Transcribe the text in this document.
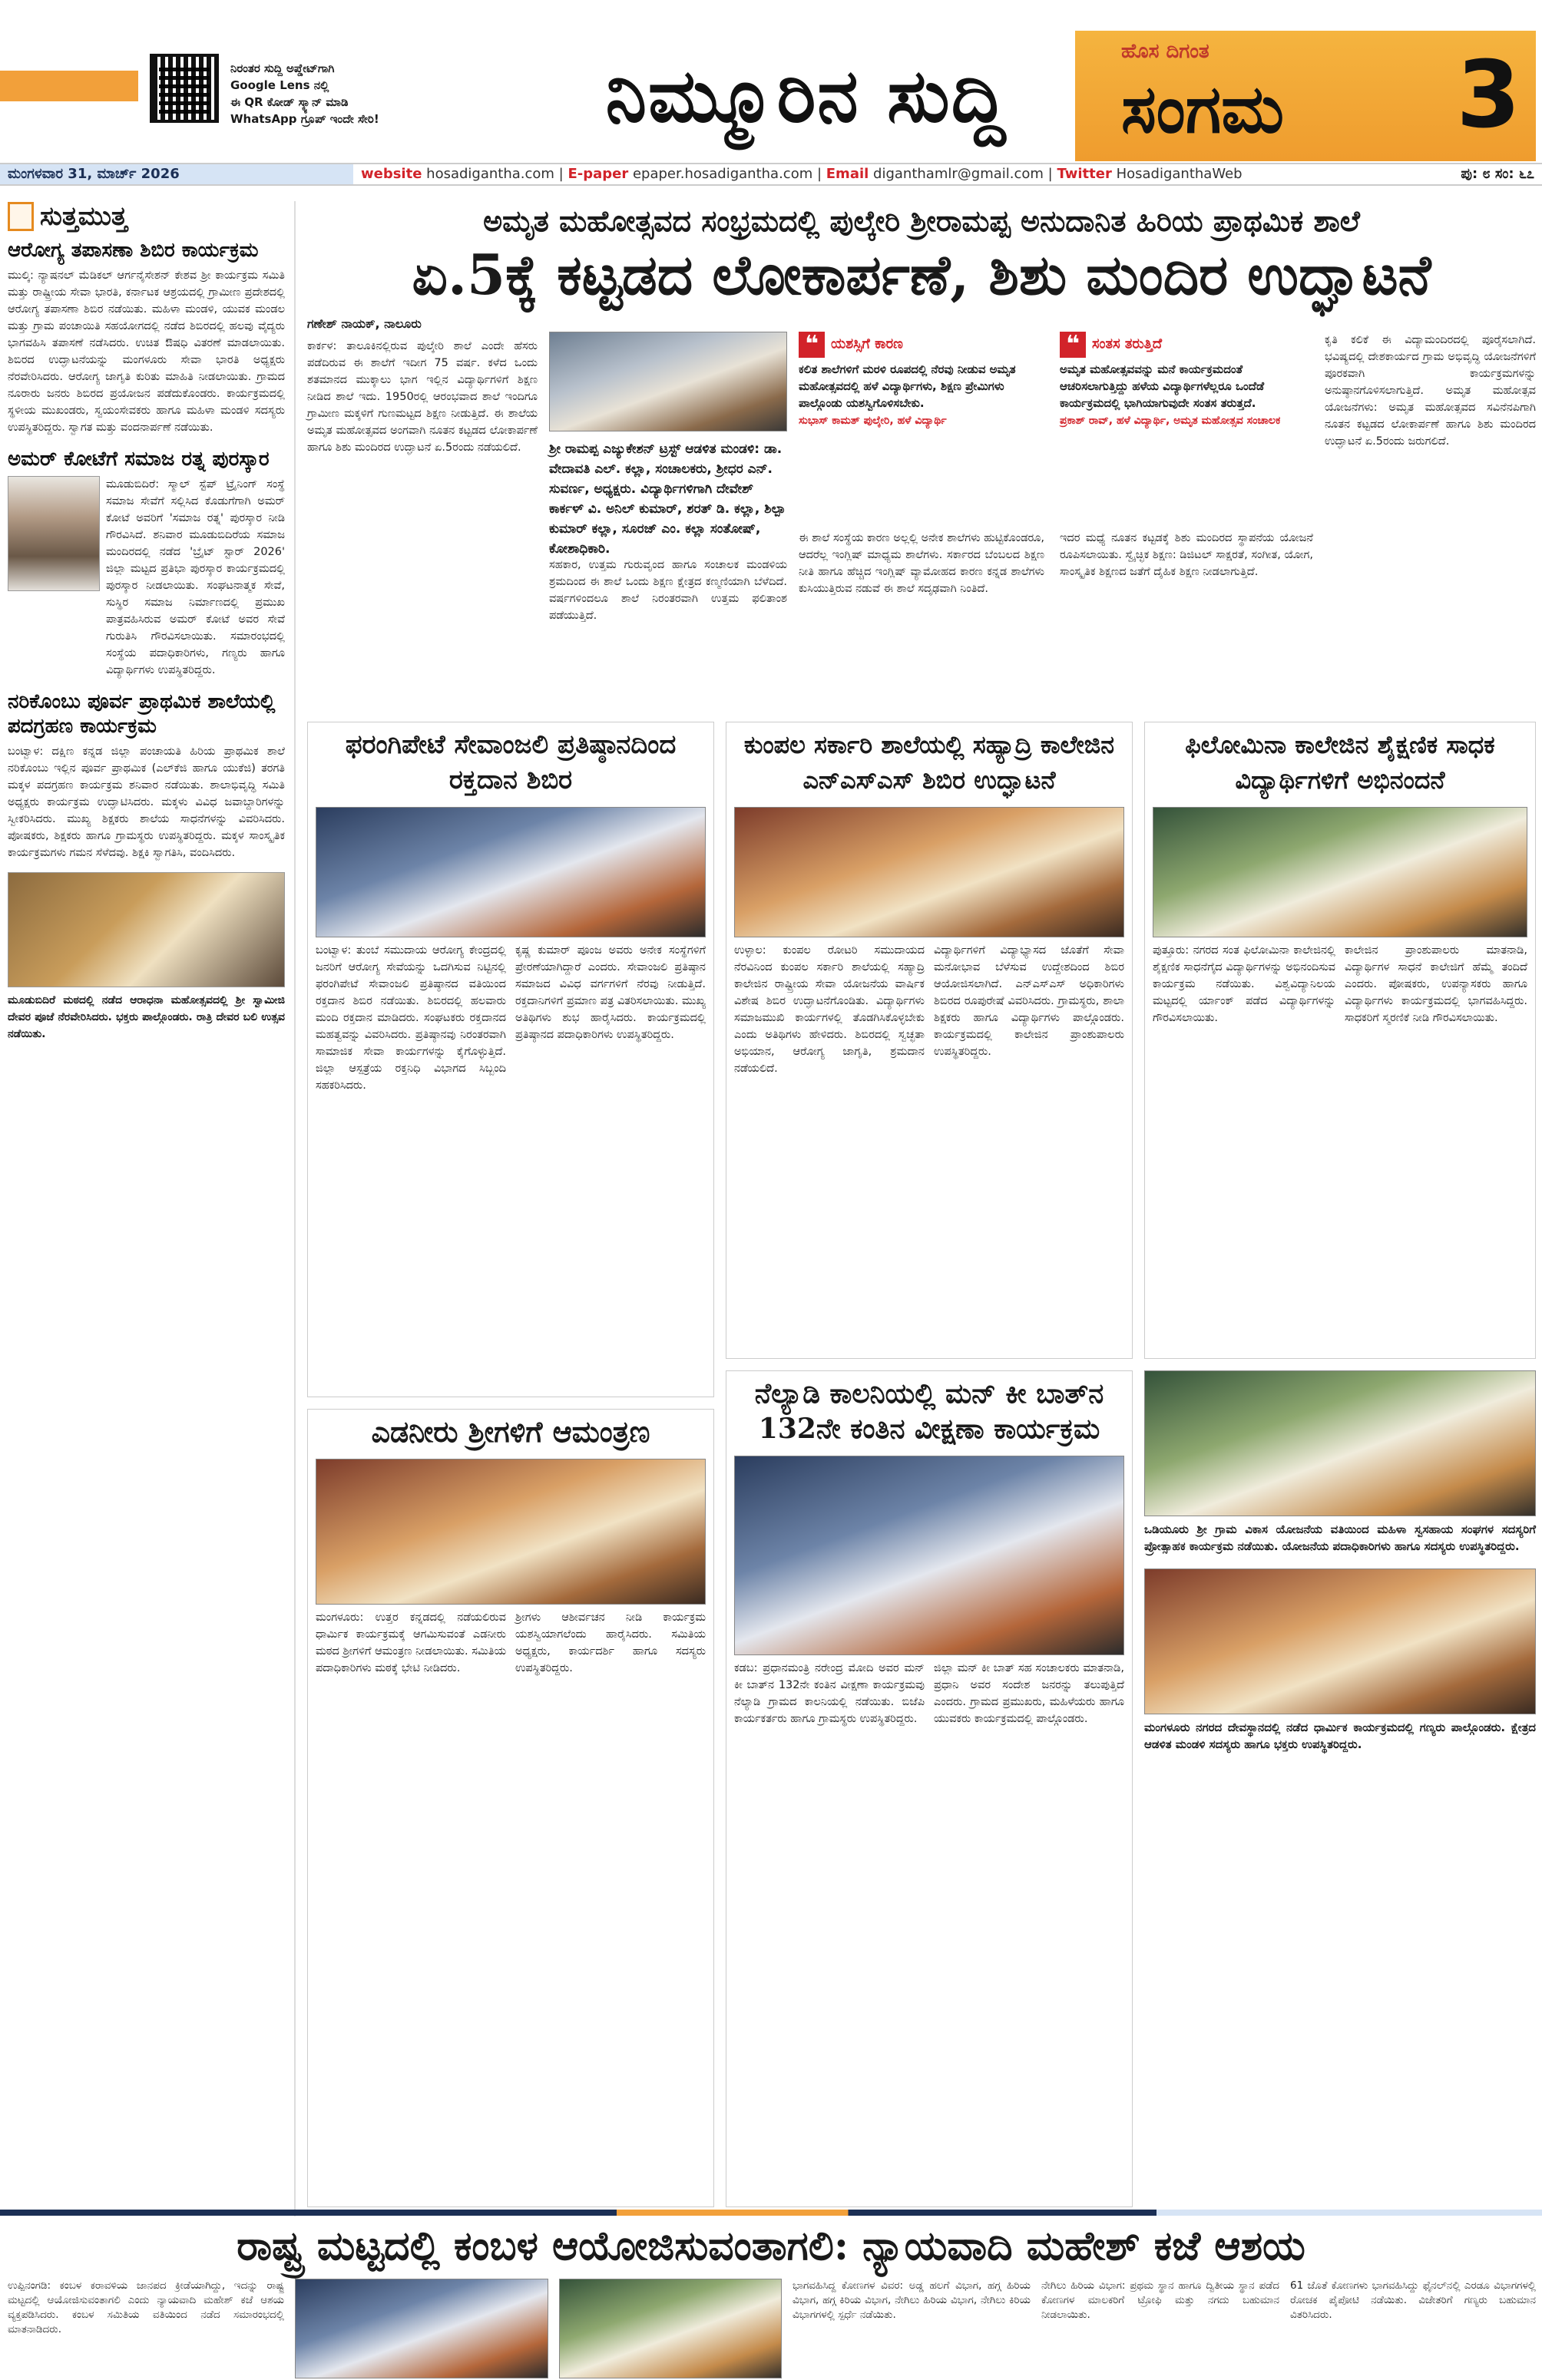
ನಿರಂತರ ಸುದ್ದಿ ಅಪ್ಡೇಟ್‌ಗಾಗಿ
Google Lens ನಲ್ಲಿ
ಈ QR ಕೋಡ್ ಸ್ಕ್ಯಾನ್ ಮಾಡಿ
WhatsApp ಗ್ರೂಪ್ ಇಂದೇ ಸೇರಿ!	ನಿಮ್ಮೂರಿನ ಸುದ್ದಿ
ಹೊಸ ದಿಗಂತ
ಸಂಗಮ 3
ಮಂಗಳವಾರ 31, ಮಾರ್ಚ್ 2026	website hosadigantha.com | E-paper epaper.hosadigantha.com | Email diganthamlr@gmail.com | Twitter HosadiganthaWeb	ಪು: ೮ ಸಂ: ೬೭
ಸುತ್ತಮುತ್ತ
ಆರೋಗ್ಯ ತಪಾಸಣಾ ಶಿಬಿರ ಕಾರ್ಯಕ್ರಮ
ಮುಲ್ಕಿ: ನ್ಯಾಷನಲ್ ಮೆಡಿಕಲ್ ಆರ್ಗನೈಸೇಶನ್ ಕೇಶವ ಶ್ರೀ ಕಾರ್ಯಕ್ರಮ ಸಮಿತಿ ಮತ್ತು ರಾಷ್ಟ್ರೀಯ ಸೇವಾ ಭಾರತಿ, ಕರ್ನಾಟಕ ಆಶ್ರಯದಲ್ಲಿ ಗ್ರಾಮೀಣ ಪ್ರದೇಶದಲ್ಲಿ ಆರೋಗ್ಯ ತಪಾಸಣಾ ಶಿಬಿರ ನಡೆಯಿತು. ಮಹಿಳಾ ಮಂಡಳಿ, ಯುವಕ ಮಂಡಲ ಮತ್ತು ಗ್ರಾಮ ಪಂಚಾಯಿತಿ ಸಹಯೋಗದಲ್ಲಿ ನಡೆದ ಶಿಬಿರದಲ್ಲಿ ಹಲವು ವೈದ್ಯರು ಭಾಗವಹಿಸಿ ತಪಾಸಣೆ ನಡೆಸಿದರು. ಉಚಿತ ಔಷಧಿ ವಿತರಣೆ ಮಾಡಲಾಯಿತು. ಶಿಬಿರದ ಉದ್ಘಾಟನೆಯನ್ನು ಮಂಗಳೂರು ಸೇವಾ ಭಾರತಿ ಅಧ್ಯಕ್ಷರು ನೆರವೇರಿಸಿದರು. ಆರೋಗ್ಯ ಜಾಗೃತಿ ಕುರಿತು ಮಾಹಿತಿ ನೀಡಲಾಯಿತು. ಗ್ರಾಮದ ನೂರಾರು ಜನರು ಶಿಬಿರದ ಪ್ರಯೋಜನ ಪಡೆದುಕೊಂಡರು. ಕಾರ್ಯಕ್ರಮದಲ್ಲಿ ಸ್ಥಳೀಯ ಮುಖಂಡರು, ಸ್ವಯಂಸೇವಕರು ಹಾಗೂ ಮಹಿಳಾ ಮಂಡಳಿ ಸದಸ್ಯರು ಉಪಸ್ಥಿತರಿದ್ದರು. ಸ್ವಾಗತ ಮತ್ತು ವಂದನಾರ್ಪಣೆ ನಡೆಯಿತು.
ಅಮರ್ ಕೋಟೆಗೆ ಸಮಾಜ ರತ್ನ ಪುರಸ್ಕಾರ
ಮೂಡುಬಿದಿರೆ: ಸ್ಮಾಲ್ ಸ್ಟೆಪ್ ಟ್ರೈನಿಂಗ್ ಸಂಸ್ಥೆ ಸಮಾಜ ಸೇವೆಗೆ ಸಲ್ಲಿಸಿದ ಕೊಡುಗೆಗಾಗಿ ಅಮರ್ ಕೋಟೆ ಅವರಿಗೆ 'ಸಮಾಜ ರತ್ನ' ಪುರಸ್ಕಾರ ನೀಡಿ ಗೌರವಿಸಿದೆ. ಶನಿವಾರ ಮೂಡುಬಿದಿರೆಯ ಸಮಾಜ ಮಂದಿರದಲ್ಲಿ ನಡೆದ 'ಬ್ರೈಟ್ ಸ್ಟಾರ್ 2026' ಜಿಲ್ಲಾ ಮಟ್ಟದ ಪ್ರತಿಭಾ ಪುರಸ್ಕಾರ ಕಾರ್ಯಕ್ರಮದಲ್ಲಿ ಪುರಸ್ಕಾರ ನೀಡಲಾಯಿತು. ಸಂಘಟನಾತ್ಮಕ ಸೇವೆ, ಸುಸ್ಥಿರ ಸಮಾಜ ನಿರ್ಮಾಣದಲ್ಲಿ ಪ್ರಮುಖ ಪಾತ್ರವಹಿಸಿರುವ ಅಮರ್ ಕೋಟೆ ಅವರ ಸೇವೆ ಗುರುತಿಸಿ ಗೌರವಿಸಲಾಯಿತು. ಸಮಾರಂಭದಲ್ಲಿ ಸಂಸ್ಥೆಯ ಪದಾಧಿಕಾರಿಗಳು, ಗಣ್ಯರು ಹಾಗೂ ವಿದ್ಯಾರ್ಥಿಗಳು ಉಪಸ್ಥಿತರಿದ್ದರು.
ನರಿಕೊಂಬು ಪೂರ್ವ ಪ್ರಾಥಮಿಕ ಶಾಲೆಯಲ್ಲಿ ಪದಗ್ರಹಣ ಕಾರ್ಯಕ್ರಮ
ಬಂಟ್ವಾಳ: ದಕ್ಷಿಣ ಕನ್ನಡ ಜಿಲ್ಲಾ ಪಂಚಾಯತಿ ಹಿರಿಯ ಪ್ರಾಥಮಿಕ ಶಾಲೆ ನರಿಕೊಂಬು ಇಲ್ಲಿನ ಪೂರ್ವ ಪ್ರಾಥಮಿಕ (ಎಲ್‌ಕೆಜಿ ಹಾಗೂ ಯುಕೆಜಿ) ತರಗತಿ ಮಕ್ಕಳ ಪದಗ್ರಹಣ ಕಾರ್ಯಕ್ರಮ ಶನಿವಾರ ನಡೆಯಿತು. ಶಾಲಾಭಿವೃದ್ಧಿ ಸಮಿತಿ ಅಧ್ಯಕ್ಷರು ಕಾರ್ಯಕ್ರಮ ಉದ್ಘಾಟಿಸಿದರು. ಮಕ್ಕಳು ವಿವಿಧ ಜವಾಬ್ದಾರಿಗಳನ್ನು ಸ್ವೀಕರಿಸಿದರು. ಮುಖ್ಯ ಶಿಕ್ಷಕರು ಶಾಲೆಯ ಸಾಧನೆಗಳನ್ನು ವಿವರಿಸಿದರು. ಪೋಷಕರು, ಶಿಕ್ಷಕರು ಹಾಗೂ ಗ್ರಾಮಸ್ಥರು ಉಪಸ್ಥಿತರಿದ್ದರು. ಮಕ್ಕಳ ಸಾಂಸ್ಕೃತಿಕ ಕಾರ್ಯಕ್ರಮಗಳು ಗಮನ ಸೆಳೆದವು. ಶಿಕ್ಷಕಿ ಸ್ವಾಗತಿಸಿ, ವಂದಿಸಿದರು.
ಮೂಡುಬಿದಿರೆ ಮಠದಲ್ಲಿ ನಡೆದ ಆರಾಧನಾ ಮಹೋತ್ಸವದಲ್ಲಿ ಶ್ರೀ ಸ್ವಾಮೀಜಿ ದೇವರ ಪೂಜೆ ನೆರವೇರಿಸಿದರು. ಭಕ್ತರು ಪಾಲ್ಗೊಂಡರು. ರಾತ್ರಿ ದೇವರ ಬಲಿ ಉತ್ಸವ ನಡೆಯಿತು.
ಅಮೃತ ಮಹೋತ್ಸವದ ಸಂಭ್ರಮದಲ್ಲಿ ಪುಲ್ಕೇರಿ ಶ್ರೀರಾಮಪ್ಪ ಅನುದಾನಿತ ಹಿರಿಯ ಪ್ರಾಥಮಿಕ ಶಾಲೆ
ಏ.5ಕ್ಕೆ ಕಟ್ಟಡದ ಲೋಕಾರ್ಪಣೆ, ಶಿಶು ಮಂದಿರ ಉದ್ಘಾಟನೆ
ಗಣೇಶ್ ನಾಯಕ್, ನಾಲೂರು
ಕಾರ್ಕಳ: ತಾಲೂಕಿನಲ್ಲಿರುವ ಪುಲ್ಕೇರಿ ಶಾಲೆ ಎಂದೇ ಹೆಸರು ಪಡೆದಿರುವ ಈ ಶಾಲೆಗೆ ಇದೀಗ 75 ವರ್ಷ. ಕಳೆದ ಒಂದು ಶತಮಾನದ ಮುಕ್ಕಾಲು ಭಾಗ ಇಲ್ಲಿನ ವಿದ್ಯಾರ್ಥಿಗಳಿಗೆ ಶಿಕ್ಷಣ ನೀಡಿದ ಶಾಲೆ ಇದು. 1950ರಲ್ಲಿ ಆರಂಭವಾದ ಶಾಲೆ ಇಂದಿಗೂ ಗ್ರಾಮೀಣ ಮಕ್ಕಳಿಗೆ ಗುಣಮಟ್ಟದ ಶಿಕ್ಷಣ ನೀಡುತ್ತಿದೆ. ಈ ಶಾಲೆಯ ಅಮೃತ ಮಹೋತ್ಸವದ ಅಂಗವಾಗಿ ನೂತನ ಕಟ್ಟಡದ ಲೋಕಾರ್ಪಣೆ ಹಾಗೂ ಶಿಶು ಮಂದಿರದ ಉದ್ಘಾಟನೆ ಏ.5ರಂದು ನಡೆಯಲಿದೆ.	ಶ್ರೀ ರಾಮಪ್ಪ ಎಜ್ಯುಕೇಶನ್ ಟ್ರಸ್ಟ್ ಆಡಳಿತ ಮಂಡಳಿ: ಡಾ. ವೇದಾವತಿ ಎಲ್. ಕಲ್ಲಾ, ಸಂಚಾಲಕರು, ಶ್ರೀಧರ ಎನ್. ಸುವರ್ಣ, ಅಧ್ಯಕ್ಷರು. ವಿದ್ಯಾರ್ಥಿಗಳಿಗಾಗಿ ದೇವೇಶ್ ಕಾರ್ಕಳ್ ವಿ. ಅನಿಲ್ ಕುಮಾರ್, ಶರತ್ ಡಿ. ಕಲ್ಲಾ, ಶಿಲ್ಪಾ ಕುಮಾರ್ ಕಲ್ಲಾ, ಸೂರಜ್ ಎಂ. ಕಲ್ಲಾ ಸಂತೋಷ್, ಕೋಶಾಧಿಕಾರಿ.
ಸಹಕಾರ, ಉತ್ತಮ ಗುರುವೃಂದ ಹಾಗೂ ಸಂಚಾಲಕ ಮಂಡಳಿಯ ಶ್ರಮದಿಂದ ಈ ಶಾಲೆ ಒಂದು ಶಿಕ್ಷಣ ಕ್ಷೇತ್ರದ ಕಣ್ಮಣಿಯಾಗಿ ಬೆಳೆದಿದೆ. ವರ್ಷಗಳಿಂದಲೂ ಶಾಲೆ ನಿರಂತರವಾಗಿ ಉತ್ತಮ ಫಲಿತಾಂಶ ಪಡೆಯುತ್ತಿದೆ.
❝ ಯಶಸ್ಸಿಗೆ ಕಾರಣ
ಕಲಿತ ಶಾಲೆಗಳಿಗೆ ಮರಳಿ ರೂಪದಲ್ಲಿ ನೆರವು ನೀಡುವ ಅಮೃತ ಮಹೋತ್ಸವದಲ್ಲಿ ಹಳೆ ವಿದ್ಯಾರ್ಥಿಗಳು, ಶಿಕ್ಷಣ ಪ್ರೇಮಿಗಳು ಪಾಲ್ಗೊಂಡು ಯಶಸ್ವಿಗೊಳಿಸಬೇಕು.
ಸುಭಾಸ್ ಕಾಮತ್ ಪುಲ್ಕೇರಿ, ಹಳೆ ವಿದ್ಯಾರ್ಥಿ
❝ ಸಂತಸ ತರುತ್ತಿದೆ
ಅಮೃತ ಮಹೋತ್ಸವವನ್ನು ಮನೆ ಕಾರ್ಯಕ್ರಮದಂತೆ ಆಚರಿಸಲಾಗುತ್ತಿದ್ದು ಹಳೆಯ ವಿದ್ಯಾರ್ಥಿಗಳೆಲ್ಲರೂ ಒಂದೆಡೆ ಕಾರ್ಯಕ್ರಮದಲ್ಲಿ ಭಾಗಿಯಾಗುವುದೇ ಸಂತಸ ತರುತ್ತದೆ.
ಪ್ರಕಾಶ್ ರಾವ್, ಹಳೆ ವಿದ್ಯಾರ್ಥಿ, ಅಮೃತ ಮಹೋತ್ಸವ ಸಂಚಾಲಕ
ಈ ಶಾಲೆ ಸಂಸ್ಥೆಯ ಕಾರಣ ಅಲ್ಲಲ್ಲಿ ಅನೇಕ ಶಾಲೆಗಳು ಹುಟ್ಟಿಕೊಂಡರೂ, ಆದರೆಲ್ಲ ಇಂಗ್ಲಿಷ್ ಮಾಧ್ಯಮ ಶಾಲೆಗಳು. ಸರ್ಕಾರದ ಬೆಂಬಲದ ಶಿಕ್ಷಣ ನೀತಿ ಹಾಗೂ ಹೆಚ್ಚಿದ ಇಂಗ್ಲಿಷ್ ವ್ಯಾಮೋಹದ ಕಾರಣ ಕನ್ನಡ ಶಾಲೆಗಳು ಕುಸಿಯುತ್ತಿರುವ ನಡುವೆ ಈ ಶಾಲೆ ಸದೃಢವಾಗಿ ನಿಂತಿದೆ.
ಇದರ ಮಧ್ಯೆ ನೂತನ ಕಟ್ಟಡಕ್ಕೆ ಶಿಶು ಮಂದಿರದ ಸ್ಥಾಪನೆಯ ಯೋಜನೆ ರೂಪಿಸಲಾಯಿತು. ಸ್ವೈಚ್ಛಿಕ ಶಿಕ್ಷಣ: ಡಿಜಿಟಲ್ ಸಾಕ್ಷರತೆ, ಸಂಗೀತ, ಯೋಗ, ಸಾಂಸ್ಕೃತಿಕ ಶಿಕ್ಷಣದ ಜತೆಗೆ ದೈಹಿಕ ಶಿಕ್ಷಣ ನೀಡಲಾಗುತ್ತಿದೆ.
ಕೃತಿ ಕಲಿಕೆ ಈ ವಿದ್ಯಾಮಂದಿರದಲ್ಲಿ ಪೂರೈಸಲಾಗಿದೆ. ಭವಿಷ್ಯದಲ್ಲಿ ದೇಶಕಾರ್ಯದ ಗ್ರಾಮ ಅಭಿವೃದ್ಧಿ ಯೋಜನೆಗಳಿಗೆ ಪೂರಕವಾಗಿ ಕಾರ್ಯಕ್ರಮಗಳನ್ನು ಅನುಷ್ಠಾನಗೊಳಿಸಲಾಗುತ್ತಿದೆ. ಅಮೃತ ಮಹೋತ್ಸವ ಯೋಜನೆಗಳು: ಅಮೃತ ಮಹೋತ್ಸವದ ಸವಿನೆನಪಿಗಾಗಿ ನೂತನ ಕಟ್ಟಡದ ಲೋಕಾರ್ಪಣೆ ಹಾಗೂ ಶಿಶು ಮಂದಿರದ ಉದ್ಘಾಟನೆ ಏ.5ರಂದು ಜರುಗಲಿದೆ.
ಫರಂಗಿಪೇಟೆ ಸೇವಾಂಜಲಿ ಪ್ರತಿಷ್ಠಾನದಿಂದ ರಕ್ತದಾನ ಶಿಬಿರ
ಬಂಟ್ವಾಳ: ತುಂಬೆ ಸಮುದಾಯ ಆರೋಗ್ಯ ಕೇಂದ್ರದಲ್ಲಿ ಜನರಿಗೆ ಆರೋಗ್ಯ ಸೇವೆಯನ್ನು ಒದಗಿಸುವ ನಿಟ್ಟಿನಲ್ಲಿ ಫರಂಗಿಪೇಟೆ ಸೇವಾಂಜಲಿ ಪ್ರತಿಷ್ಠಾನದ ವತಿಯಿಂದ ರಕ್ತದಾನ ಶಿಬಿರ ನಡೆಯಿತು. ಶಿಬಿರದಲ್ಲಿ ಹಲವಾರು ಮಂದಿ ರಕ್ತದಾನ ಮಾಡಿದರು. ಸಂಘಟಕರು ರಕ್ತದಾನದ ಮಹತ್ವವನ್ನು ವಿವರಿಸಿದರು. ಪ್ರತಿಷ್ಠಾನವು ನಿರಂತರವಾಗಿ ಸಾಮಾಜಿಕ ಸೇವಾ ಕಾರ್ಯಗಳನ್ನು ಕೈಗೊಳ್ಳುತ್ತಿದೆ. ಜಿಲ್ಲಾ ಆಸ್ಪತ್ರೆಯ ರಕ್ತನಿಧಿ ವಿಭಾಗದ ಸಿಬ್ಬಂದಿ ಸಹಕರಿಸಿದರು.
ಕೃಷ್ಣ ಕುಮಾರ್ ಪೂಂಜ ಅವರು ಅನೇಕ ಸಂಸ್ಥೆಗಳಿಗೆ ಪ್ರೇರಣೆಯಾಗಿದ್ದಾರೆ ಎಂದರು. ಸೇವಾಂಜಲಿ ಪ್ರತಿಷ್ಠಾನ ಸಮಾಜದ ವಿವಿಧ ವರ್ಗಗಳಿಗೆ ನೆರವು ನೀಡುತ್ತಿದೆ. ರಕ್ತದಾನಿಗಳಿಗೆ ಪ್ರಮಾಣ ಪತ್ರ ವಿತರಿಸಲಾಯಿತು. ಮುಖ್ಯ ಅತಿಥಿಗಳು ಶುಭ ಹಾರೈಸಿದರು. ಕಾರ್ಯಕ್ರಮದಲ್ಲಿ ಪ್ರತಿಷ್ಠಾನದ ಪದಾಧಿಕಾರಿಗಳು ಉಪಸ್ಥಿತರಿದ್ದರು.
ಕುಂಪಲ ಸರ್ಕಾರಿ ಶಾಲೆಯಲ್ಲಿ ಸಹ್ಯಾದ್ರಿ ಕಾಲೇಜಿನ ಎನ್ಎಸ್ಎಸ್ ಶಿಬಿರ ಉದ್ಘಾಟನೆ
ಉಳ್ಳಾಲ: ಕುಂಪಲ ರೋಟರಿ ಸಮುದಾಯದ ನೆರವಿನಿಂದ ಕುಂಪಲ ಸರ್ಕಾರಿ ಶಾಲೆಯಲ್ಲಿ ಸಹ್ಯಾದ್ರಿ ಕಾಲೇಜಿನ ರಾಷ್ಟ್ರೀಯ ಸೇವಾ ಯೋಜನೆಯ ವಾರ್ಷಿಕ ವಿಶೇಷ ಶಿಬಿರ ಉದ್ಘಾಟನೆಗೊಂಡಿತು. ವಿದ್ಯಾರ್ಥಿಗಳು ಸಮಾಜಮುಖಿ ಕಾರ್ಯಗಳಲ್ಲಿ ತೊಡಗಿಸಿಕೊಳ್ಳಬೇಕು ಎಂದು ಅತಿಥಿಗಳು ಹೇಳಿದರು. ಶಿಬಿರದಲ್ಲಿ ಸ್ವಚ್ಛತಾ ಅಭಿಯಾನ, ಆರೋಗ್ಯ ಜಾಗೃತಿ, ಶ್ರಮದಾನ ನಡೆಯಲಿದೆ.
ವಿದ್ಯಾರ್ಥಿಗಳಿಗೆ ವಿದ್ಯಾಭ್ಯಾಸದ ಜೊತೆಗೆ ಸೇವಾ ಮನೋಭಾವ ಬೆಳೆಸುವ ಉದ್ದೇಶದಿಂದ ಶಿಬಿರ ಆಯೋಜಿಸಲಾಗಿದೆ. ಎನ್ಎಸ್ಎಸ್ ಅಧಿಕಾರಿಗಳು ಶಿಬಿರದ ರೂಪುರೇಷೆ ವಿವರಿಸಿದರು. ಗ್ರಾಮಸ್ಥರು, ಶಾಲಾ ಶಿಕ್ಷಕರು ಹಾಗೂ ವಿದ್ಯಾರ್ಥಿಗಳು ಪಾಲ್ಗೊಂಡರು. ಕಾರ್ಯಕ್ರಮದಲ್ಲಿ ಕಾಲೇಜಿನ ಪ್ರಾಂಶುಪಾಲರು ಉಪಸ್ಥಿತರಿದ್ದರು.
ಫಿಲೋಮಿನಾ ಕಾಲೇಜಿನ ಶೈಕ್ಷಣಿಕ ಸಾಧಕ ವಿದ್ಯಾರ್ಥಿಗಳಿಗೆ ಅಭಿನಂದನೆ
ಪುತ್ತೂರು: ನಗರದ ಸಂತ ಫಿಲೋಮಿನಾ ಕಾಲೇಜಿನಲ್ಲಿ ಶೈಕ್ಷಣಿಕ ಸಾಧನೆಗೈದ ವಿದ್ಯಾರ್ಥಿಗಳನ್ನು ಅಭಿನಂದಿಸುವ ಕಾರ್ಯಕ್ರಮ ನಡೆಯಿತು. ವಿಶ್ವವಿದ್ಯಾನಿಲಯ ಮಟ್ಟದಲ್ಲಿ ರ್ಯಾಂಕ್ ಪಡೆದ ವಿದ್ಯಾರ್ಥಿಗಳನ್ನು ಗೌರವಿಸಲಾಯಿತು.
ಕಾಲೇಜಿನ ಪ್ರಾಂಶುಪಾಲರು ಮಾತನಾಡಿ, ವಿದ್ಯಾರ್ಥಿಗಳ ಸಾಧನೆ ಕಾಲೇಜಿಗೆ ಹೆಮ್ಮೆ ತಂದಿದೆ ಎಂದರು. ಪೋಷಕರು, ಉಪನ್ಯಾಸಕರು ಹಾಗೂ ವಿದ್ಯಾರ್ಥಿಗಳು ಕಾರ್ಯಕ್ರಮದಲ್ಲಿ ಭಾಗವಹಿಸಿದ್ದರು. ಸಾಧಕರಿಗೆ ಸ್ಮರಣಿಕೆ ನೀಡಿ ಗೌರವಿಸಲಾಯಿತು.
ಎಡನೀರು ಶ್ರೀಗಳಿಗೆ ಆಮಂತ್ರಣ
ಮಂಗಳೂರು: ಉತ್ತರ ಕನ್ನಡದಲ್ಲಿ ನಡೆಯಲಿರುವ ಧಾರ್ಮಿಕ ಕಾರ್ಯಕ್ರಮಕ್ಕೆ ಆಗಮಿಸುವಂತೆ ಎಡನೀರು ಮಠದ ಶ್ರೀಗಳಿಗೆ ಆಮಂತ್ರಣ ನೀಡಲಾಯಿತು. ಸಮಿತಿಯ ಪದಾಧಿಕಾರಿಗಳು ಮಠಕ್ಕೆ ಭೇಟಿ ನೀಡಿದರು.
ಶ್ರೀಗಳು ಆಶೀರ್ವಚನ ನೀಡಿ ಕಾರ್ಯಕ್ರಮ ಯಶಸ್ವಿಯಾಗಲೆಂದು ಹಾರೈಸಿದರು. ಸಮಿತಿಯ ಅಧ್ಯಕ್ಷರು, ಕಾರ್ಯದರ್ಶಿ ಹಾಗೂ ಸದಸ್ಯರು ಉಪಸ್ಥಿತರಿದ್ದರು.
ನೆಲ್ಯಾಡಿ ಕಾಲನಿಯಲ್ಲಿ ಮನ್ ಕೀ ಬಾತ್‌ನ 132ನೇ ಕಂತಿನ ವೀಕ್ಷಣಾ ಕಾರ್ಯಕ್ರಮ
ಕಡಬ: ಪ್ರಧಾನಮಂತ್ರಿ ನರೇಂದ್ರ ಮೋದಿ ಅವರ ಮನ್ ಕೀ ಬಾತ್‌ನ 132ನೇ ಕಂತಿನ ವೀಕ್ಷಣಾ ಕಾರ್ಯಕ್ರಮವು ನೆಲ್ಯಾಡಿ ಗ್ರಾಮದ ಕಾಲನಿಯಲ್ಲಿ ನಡೆಯಿತು. ಬಿಜೆಪಿ ಕಾರ್ಯಕರ್ತರು ಹಾಗೂ ಗ್ರಾಮಸ್ಥರು ಉಪಸ್ಥಿತರಿದ್ದರು.
ಜಿಲ್ಲಾ ಮನ್ ಕೀ ಬಾತ್ ಸಹ ಸಂಚಾಲಕರು ಮಾತನಾಡಿ, ಪ್ರಧಾನಿ ಅವರ ಸಂದೇಶ ಜನರನ್ನು ತಲುಪುತ್ತಿದೆ ಎಂದರು. ಗ್ರಾಮದ ಪ್ರಮುಖರು, ಮಹಿಳೆಯರು ಹಾಗೂ ಯುವಕರು ಕಾರ್ಯಕ್ರಮದಲ್ಲಿ ಪಾಲ್ಗೊಂಡರು.
ಒಡಿಯೂರು ಶ್ರೀ ಗ್ರಾಮ ವಿಕಾಸ ಯೋಜನೆಯ ವತಿಯಿಂದ ಮಹಿಳಾ ಸ್ವಸಹಾಯ ಸಂಘಗಳ ಸದಸ್ಯರಿಗೆ ಪ್ರೋತ್ಸಾಹಕ ಕಾರ್ಯಕ್ರಮ ನಡೆಯಿತು. ಯೋಜನೆಯ ಪದಾಧಿಕಾರಿಗಳು ಹಾಗೂ ಸದಸ್ಯರು ಉಪಸ್ಥಿತರಿದ್ದರು.
ಮಂಗಳೂರು ನಗರದ ದೇವಸ್ಥಾನದಲ್ಲಿ ನಡೆದ ಧಾರ್ಮಿಕ ಕಾರ್ಯಕ್ರಮದಲ್ಲಿ ಗಣ್ಯರು ಪಾಲ್ಗೊಂಡರು. ಕ್ಷೇತ್ರದ ಆಡಳಿತ ಮಂಡಳಿ ಸದಸ್ಯರು ಹಾಗೂ ಭಕ್ತರು ಉಪಸ್ಥಿತರಿದ್ದರು.
ರಾಷ್ಟ್ರ ಮಟ್ಟದಲ್ಲಿ ಕಂಬಳ ಆಯೋಜಿಸುವಂತಾಗಲಿ: ನ್ಯಾಯವಾದಿ ಮಹೇಶ್ ಕಜೆ ಆಶಯ
ಉಪ್ಪಿನಂಗಡಿ: ಕಂಬಳ ಕರಾವಳಿಯ ಜಾನಪದ ಕ್ರೀಡೆಯಾಗಿದ್ದು, ಇದನ್ನು ರಾಷ್ಟ್ರ ಮಟ್ಟದಲ್ಲಿ ಆಯೋಜಿಸುವಂತಾಗಲಿ ಎಂದು ನ್ಯಾಯವಾದಿ ಮಹೇಶ್ ಕಜೆ ಆಶಯ ವ್ಯಕ್ತಪಡಿಸಿದರು. ಕಂಬಳ ಸಮಿತಿಯ ವತಿಯಿಂದ ನಡೆದ ಸಮಾರಂಭದಲ್ಲಿ ಮಾತನಾಡಿದರು.
ಭಾಗವಹಿಸಿದ್ದ ಕೋಣಗಳ ವಿವರ: ಅಡ್ಡ ಹಲಗೆ ವಿಭಾಗ, ಹಗ್ಗ ಹಿರಿಯ ವಿಭಾಗ, ಹಗ್ಗ ಕಿರಿಯ ವಿಭಾಗ, ನೇಗಿಲು ಹಿರಿಯ ವಿಭಾಗ, ನೇಗಿಲು ಕಿರಿಯ ವಿಭಾಗಗಳಲ್ಲಿ ಸ್ಪರ್ಧೆ ನಡೆಯಿತು.
ನೇಗಿಲು ಹಿರಿಯ ವಿಭಾಗ: ಪ್ರಥಮ ಸ್ಥಾನ ಹಾಗೂ ದ್ವಿತೀಯ ಸ್ಥಾನ ಪಡೆದ ಕೋಣಗಳ ಮಾಲಕರಿಗೆ ಟ್ರೋಫಿ ಮತ್ತು ನಗದು ಬಹುಮಾನ ನೀಡಲಾಯಿತು.
61 ಜೊತೆ ಕೋಣಗಳು ಭಾಗವಹಿಸಿದ್ದು ಫೈನಲ್‌ನಲ್ಲಿ ಎರಡೂ ವಿಭಾಗಗಳಲ್ಲಿ ರೋಚಕ ಪೈಪೋಟಿ ನಡೆಯಿತು. ವಿಜೇತರಿಗೆ ಗಣ್ಯರು ಬಹುಮಾನ ವಿತರಿಸಿದರು.
